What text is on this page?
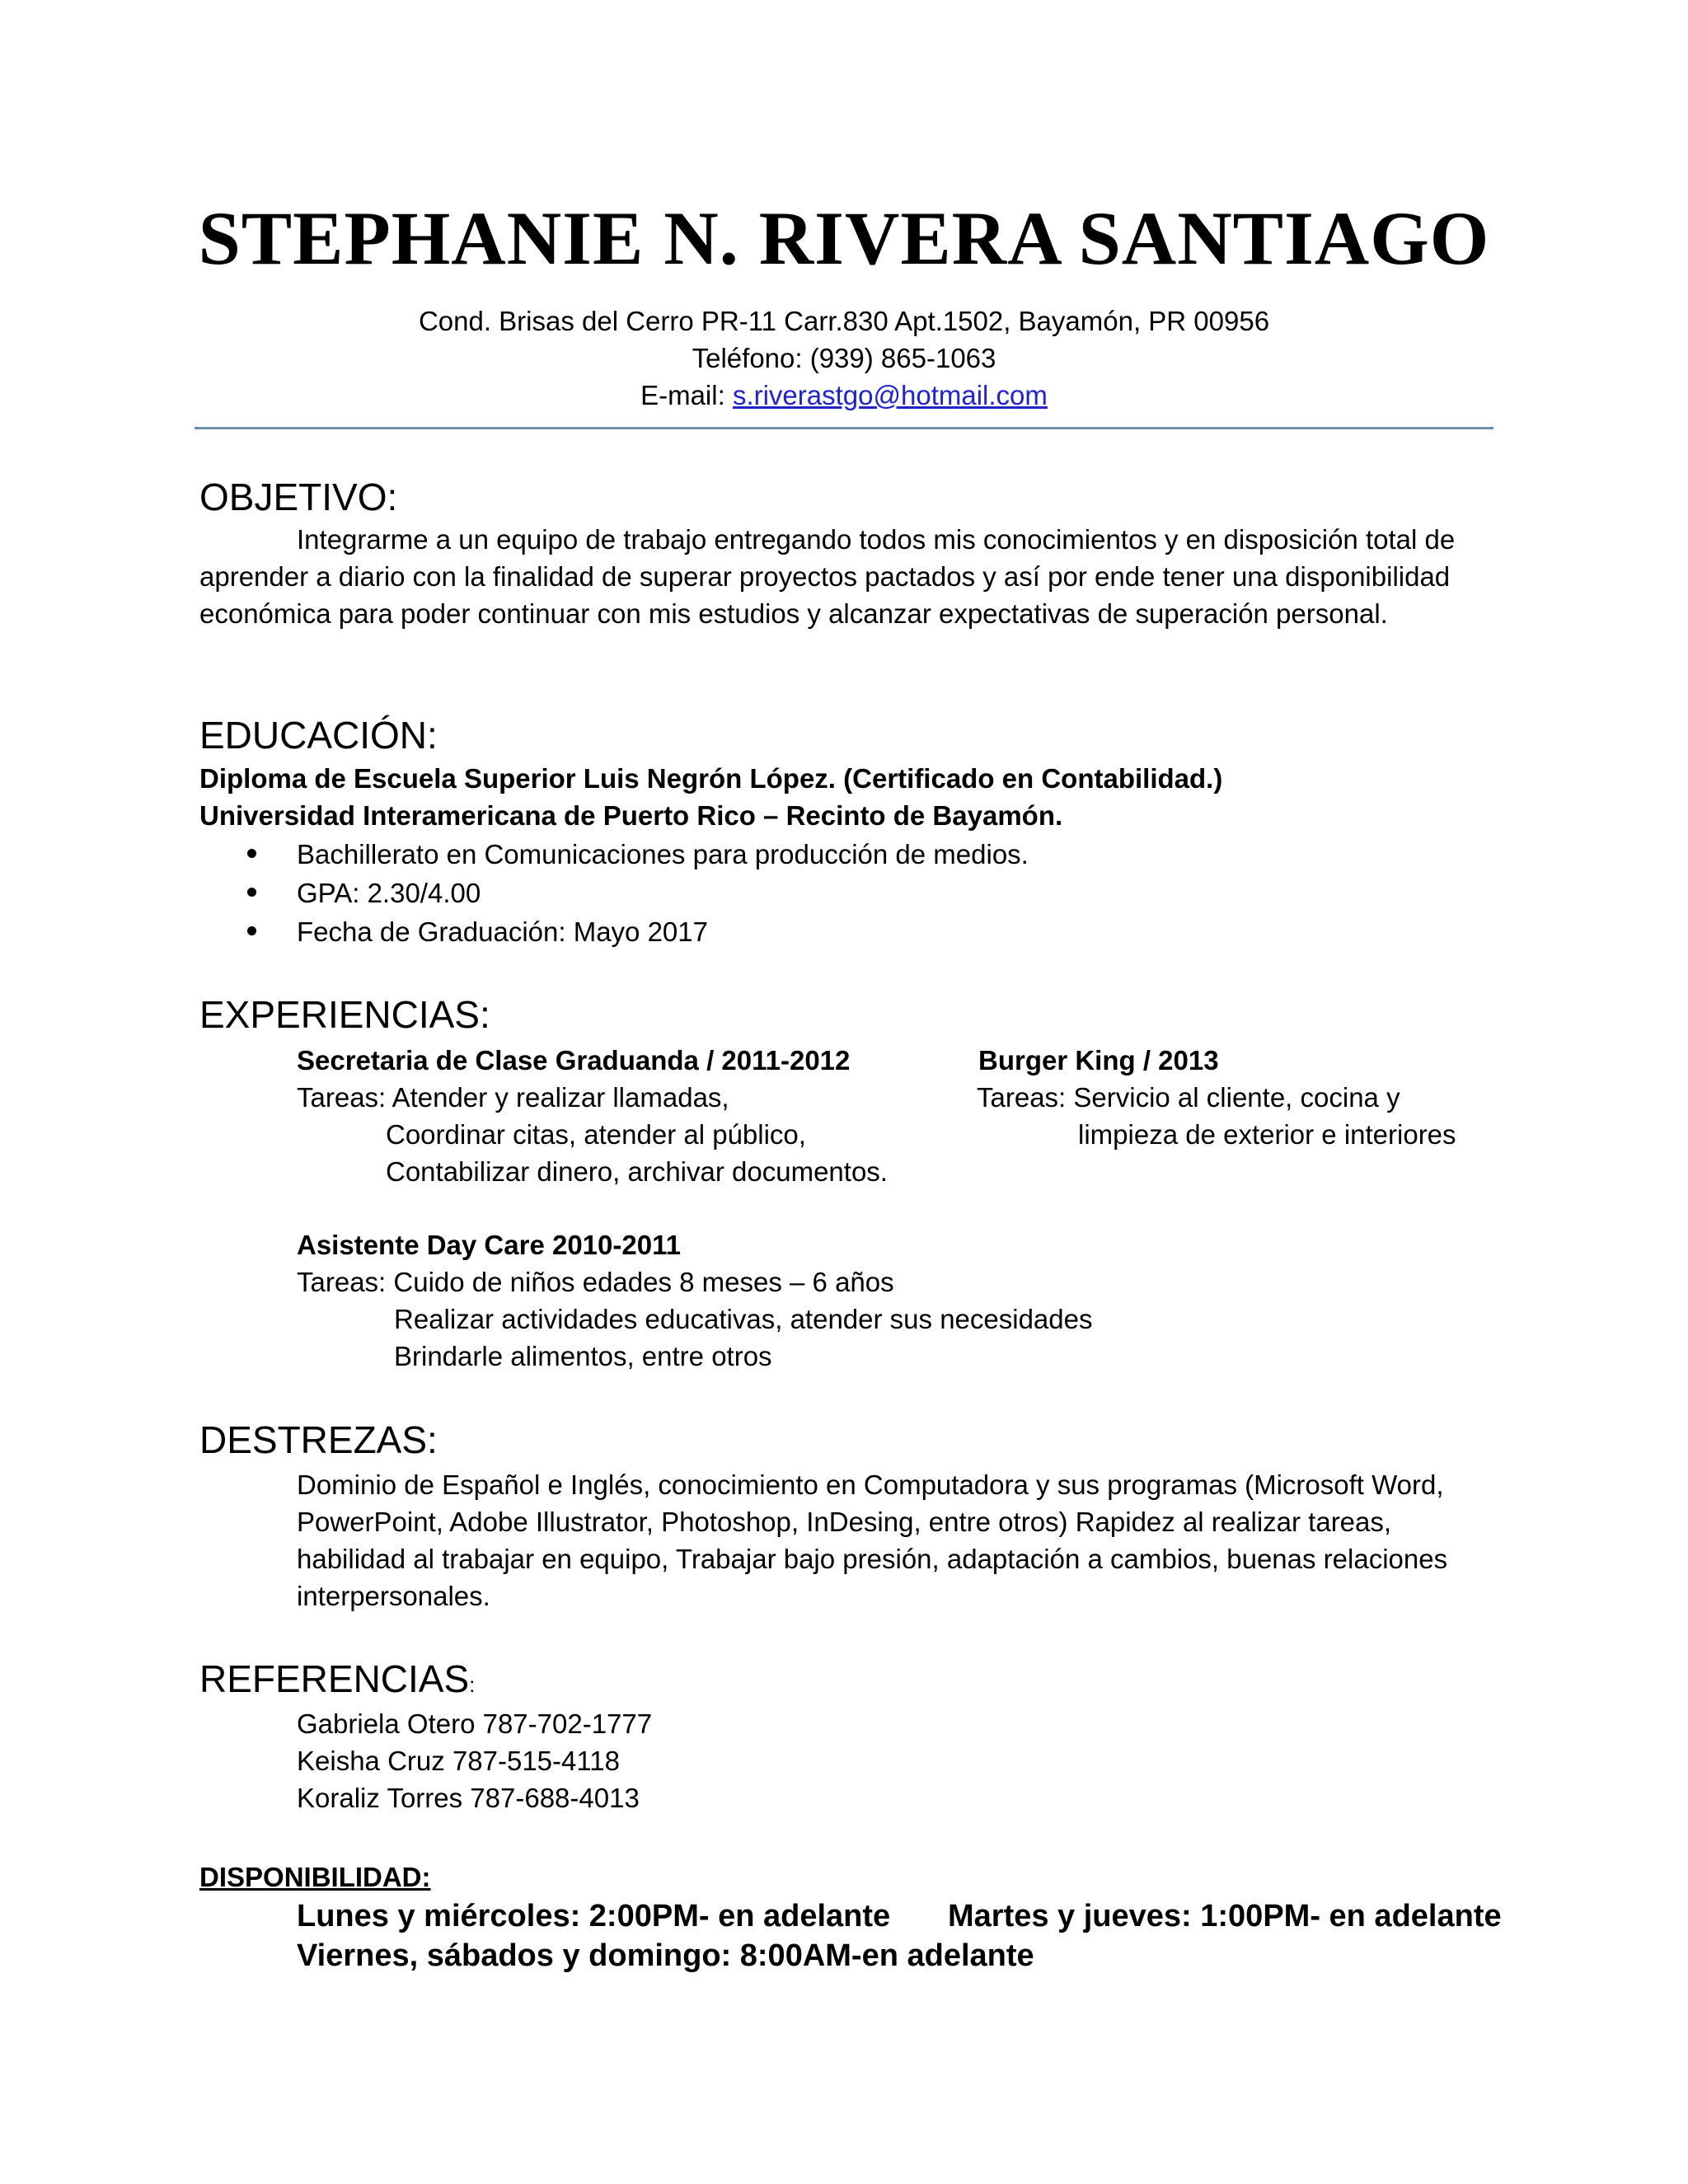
STEPHANIE N. RIVERA SANTIAGO
Cond. Brisas del Cerro PR-11 Carr.830 Apt.1502, Bayamón, PR 00956
Teléfono: (939) 865-1063
E-mail: s.riverastgo@hotmail.com
OBJETIVO:

Integrarme a un equipo de trabajo entregando todos mis conocimientos y en disposición total de aprender a diario con la finalidad de superar proyectos pactados y así por ende tener una disponibilidad económica para poder continuar con mis estudios y alcanzar expectativas de superación personal.

EDUCACIÓN:
Diploma de Escuela Superior Luis Negrón López. (Certificado en Contabilidad.)
Universidad Interamericana de Puerto Rico – Recinto de Bayamón.
Bachillerato en Comunicaciones para producción de medios.
GPA: 2.30/4.00
Fecha de Graduación: Mayo 2017
EXPERIENCIAS:
Secretaria de Clase Graduanda / 2011-2012
Tareas: Atender y realizar llamadas,
Coordinar citas, atender al público,
Contabilizar dinero, archivar documentos.
Burger King / 2013
Tareas: Servicio al cliente, cocina y
limpieza de exterior e interiores
Asistente Day Care 2010-2011
Tareas: Cuido de niños edades 8 meses – 6 años
Realizar actividades educativas, atender sus necesidades
Brindarle alimentos, entre otros
DESTREZAS:
Dominio de Español e Inglés, conocimiento en Computadora y sus programas (Microsoft Word,
PowerPoint, Adobe Illustrator, Photoshop, InDesing, entre otros) Rapidez al realizar tareas,
habilidad al trabajar en equipo, Trabajar bajo presión, adaptación a cambios, buenas relaciones
interpersonales.
REFERENCIAS:
Gabriela Otero 787-702-1777
Keisha Cruz 787-515-4118
Koraliz Torres 787-688-4013
DISPONIBILIDAD:
Lunes y miércoles: 2:00PM- en adelante Martes y jueves: 1:00PM- en adelante
Viernes, sábados y domingo: 8:00AM-en adelante
